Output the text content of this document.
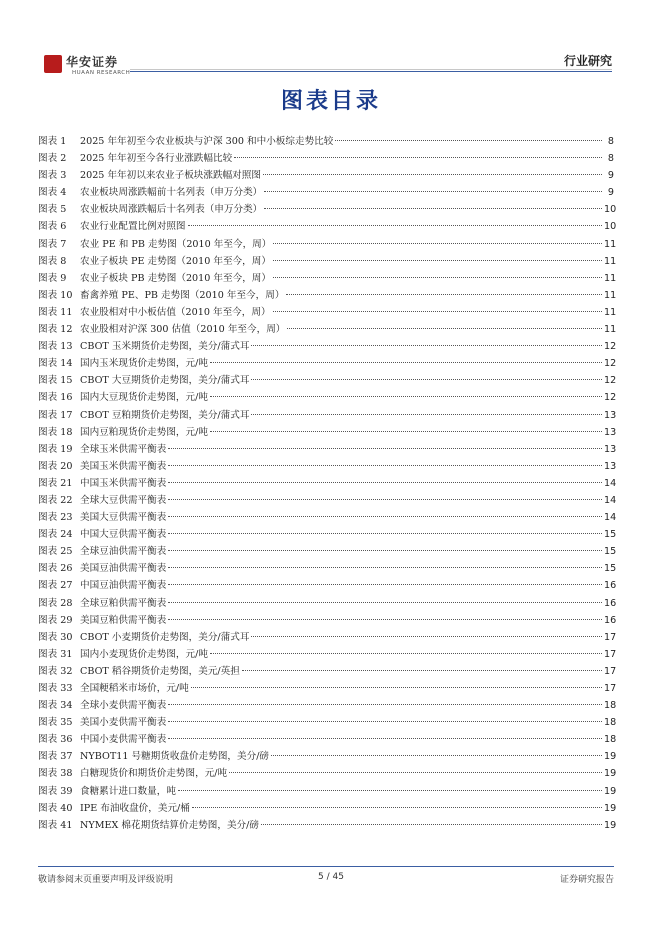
华安证券
HUAAN RESEARCH
行业研究
图表目录
图表 1	2025 年年初至今农业板块与沪深 300 和中小板综走势比较	8
图表 2	2025 年年初至今各行业涨跌幅比较	8
图表 3	2025 年年初以来农业子板块涨跌幅对照图	9
图表 4	农业板块周涨跌幅前十名列表（申万分类）	9
图表 5	农业板块周涨跌幅后十名列表（申万分类）	10
图表 6	农业行业配置比例对照图	10
图表 7	农业 PE 和 PB 走势图（2010 年至今，周）	11
图表 8	农业子板块 PE 走势图（2010 年至今，周）	11
图表 9	农业子板块 PB 走势图（2010 年至今，周）	11
图表 10 畜禽养殖 PE、PB 走势图（2010 年至今，周）	11
图表 11 农业股相对中小板估值（2010 年至今，周）	11
图表 12 农业股相对沪深 300 估值（2010 年至今，周）	11
图表 13 CBOT 玉米期货价走势图，美分/蒲式耳	12
图表 14 国内玉米现货价走势图，元/吨	12
图表 15 CBOT 大豆期货价走势图，美分/蒲式耳	12
图表 16 国内大豆现货价走势图，元/吨	12
图表 17 CBOT 豆粕期货价走势图，美分/蒲式耳	13
图表 18 国内豆粕现货价走势图，元/吨	13
图表 19 全球玉米供需平衡表	13
图表 20 美国玉米供需平衡表	13
图表 21 中国玉米供需平衡表	14
图表 22 全球大豆供需平衡表	14
图表 23 美国大豆供需平衡表	14
图表 24 中国大豆供需平衡表	15
图表 25 全球豆油供需平衡表	15
图表 26 美国豆油供需平衡表	15
图表 27 中国豆油供需平衡表	16
图表 28 全球豆粕供需平衡表	16
图表 29 美国豆粕供需平衡表	16
图表 30 CBOT 小麦期货价走势图，美分/蒲式耳	17
图表 31 国内小麦现货价走势图，元/吨	17
图表 32 CBOT 稻谷期货价走势图，美元/英担	17
图表 33 全国粳稻米市场价，元/吨	17
图表 34 全球小麦供需平衡表	18
图表 35 美国小麦供需平衡表	18
图表 36 中国小麦供需平衡表	18
图表 37 NYBOT11 号糖期货收盘价走势图，美分/磅	19
图表 38 白糖现货价和期货价走势图，元/吨	19
图表 39 食糖累计进口数量，吨	19
图表 40 IPE 布油收盘价，美元/桶	19
图表 41 NYMEX 棉花期货结算价走势图，美分/磅	19
敬请参阅末页重要声明及评级说明	5 / 45	证券研究报告
